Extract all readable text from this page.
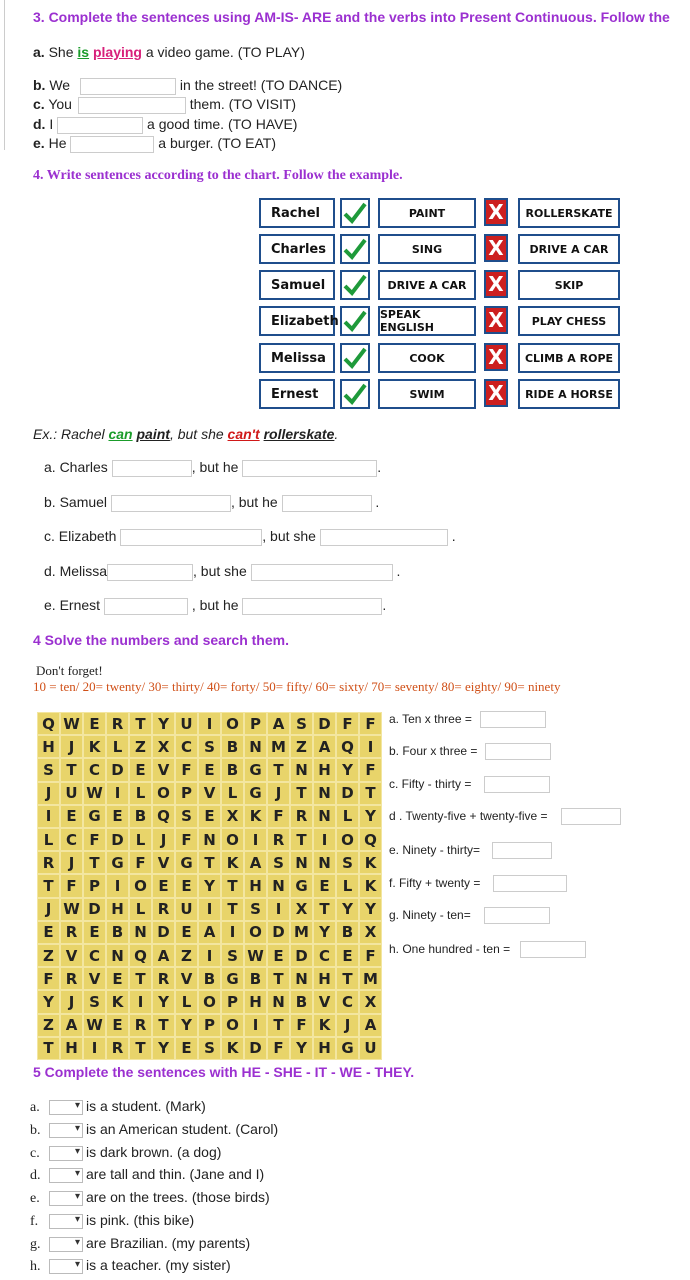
3. Complete the sentences using AM-IS- ARE and the verbs into Present Continuous. Follow the
a. She is playing a video game. (TO PLAY)
b. We	in the street! (TO DANCE)
c. You	them. (TO VISIT)
d. I	a good time. (TO HAVE)
e. He	a burger. (TO EAT)
4. Write sentences according to the chart. Follow the example.
Rachel	PAINT	X	ROLLERSKATE
Charles	SING	X	DRIVE A CAR
Samuel	DRIVE A CAR	X	SKIP
Elizabeth	SPEAK ENGLISH	X	PLAY CHESS
Melissa	COOK	X	CLIMB A ROPE
Ernest	SWIM	X	RIDE A HORSE
Ex.: Rachel can paint, but she can't rollerskate.
a. Charles	, but he	.
b. Samuel	, but he	.
c. Elizabeth	, but she	.
d. Melissa	, but she	.
e. Ernest	, but he	.
4 Solve the numbers and search them.
Don't forget!
10 = ten/ 20= twenty/ 30= thirty/ 40= forty/ 50= fifty/ 60= sixty/ 70= seventy/ 80= eighty/ 90= ninety
Q W E R T Y U I O P A S D F F
H J K L Z X C S B N M Z A Q I
S T C D E V F E B G T N H Y F
J U W I	L O P V L G J	T N D T
I	E G E B Q S E X K F R N L Y
L C F D L	J	F N O I R T	I O Q
R J	T G F V G T K A S N N S K
T F P I O E E Y T H N G E L K
J W D H L R U I	T S I X T Y Y
E R E B N D E A I O D M Y B X
Z V C N Q A Z I S W E D C E F
F R V E T R V B G B T N H T M
Y J S K I Y L O P H N B V C X
Z A W E R T Y P O I	T F K J A
T H I R T Y E S K D F Y H G U
a. Ten x three =
b. Four x three =
c. Fifty - thirty =
d . Twenty-five + twenty-five =
e. Ninety - thirty=
f. Fifty + twenty =
g. Ninety - ten=
h. One hundred - ten =
5 Complete the sentences with HE - SHE - IT - WE - THEY.
a. ▾	is a student. (Mark)
b. ▾	is an American student. (Carol)
c. ▾	is dark brown. (a dog)
d. ▾	are tall and thin. (Jane and I)
e. ▾	are on the trees. (those birds)
f. ▾	is pink. (this bike)
g. ▾	are Brazilian. (my parents)
h. ▾	is a teacher. (my sister)
